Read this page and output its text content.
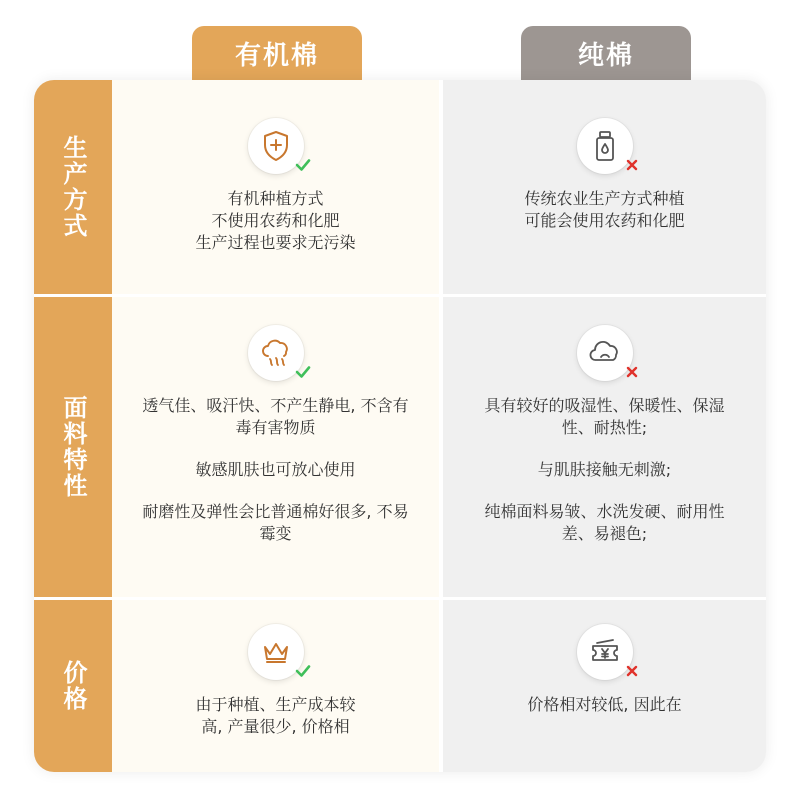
有机棉	纯棉
生产方式
面料特性
价格
有机种植方式
不使用农药和化肥
生产过程也要求无污染
传统农业生产方式种植
可能会使用农药和化肥
透气佳、吸汗快、不产生静电, 不含有毒有害物质
敏感肌肤也可放心使用
耐磨性及弹性会比普通棉好很多, 不易霉变
具有较好的吸湿性、保暖性、保湿性、耐热性;
与肌肤接触无刺激;
纯棉面料易皱、水洗发硬、耐用性差、易褪色;
由于种植、生产成本较
高, 产量很少, 价格相
价格相对较低, 因此在
